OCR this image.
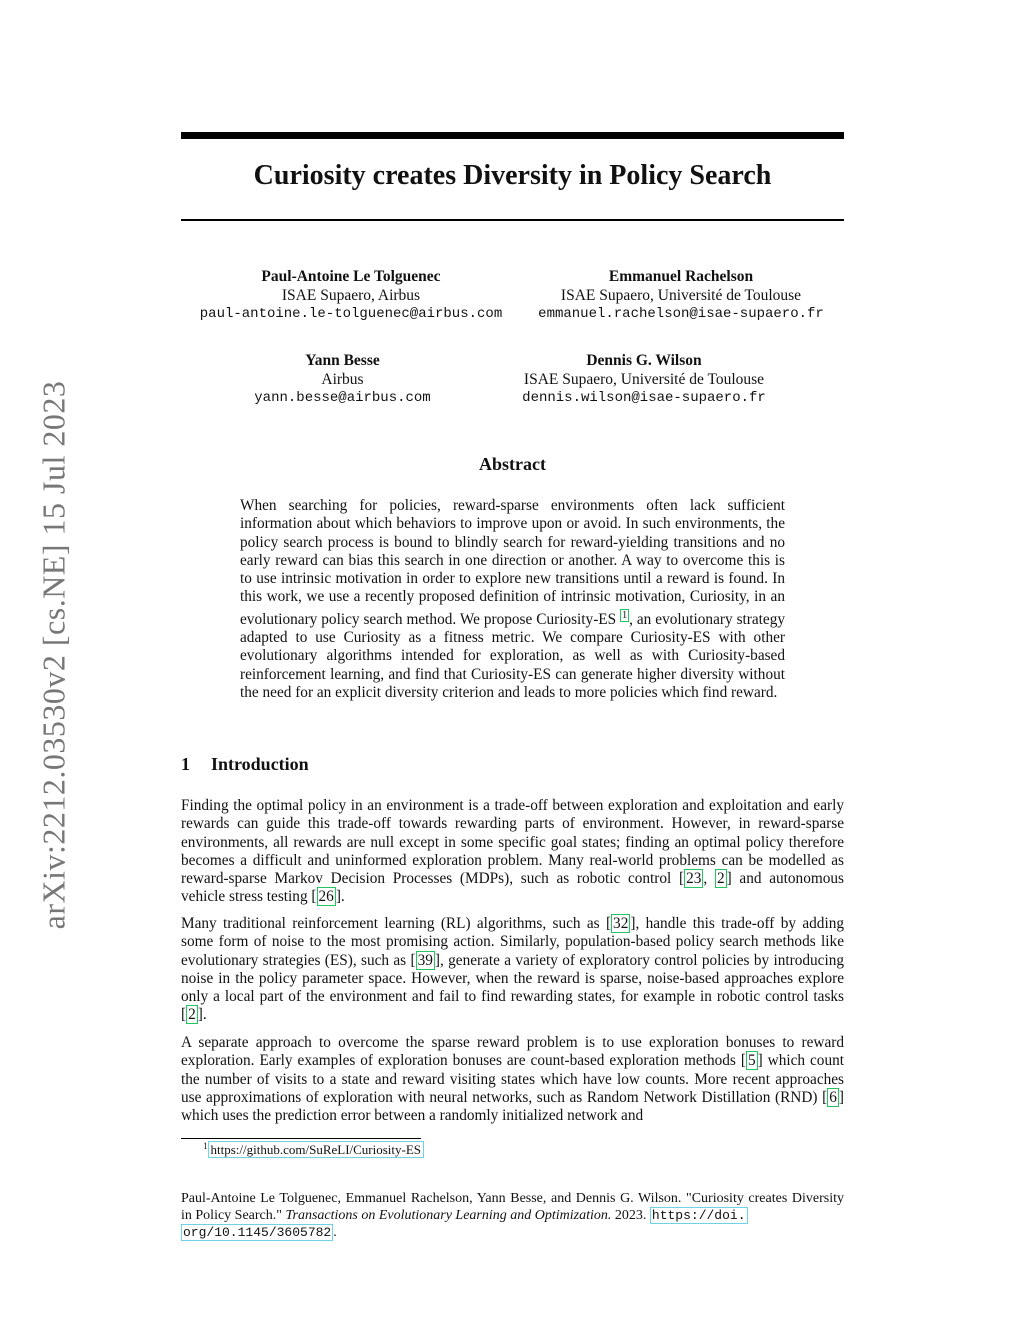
arXiv:2212.03530v2 [cs.NE] 15 Jul 2023
Curiosity creates Diversity in Policy Search
Paul-Antoine Le Tolguenec
ISAE Supaero, Airbus
paul-antoine.le-tolguenec@airbus.com
Emmanuel Rachelson
ISAE Supaero, Université de Toulouse
emmanuel.rachelson@isae-supaero.fr
Yann Besse
Airbus
yann.besse@airbus.com
Dennis G. Wilson
ISAE Supaero, Université de Toulouse
dennis.wilson@isae-supaero.fr
Abstract
When searching for policies, reward-sparse environments often lack sufficient information about which behaviors to improve upon or avoid. In such environments, the policy search process is bound to blindly search for reward-yielding transitions and no early reward can bias this search in one direction or another. A way to overcome this is to use intrinsic motivation in order to explore new transitions until a reward is found. In this work, we use a recently proposed definition of intrinsic motivation, Curiosity, in an evolutionary policy search method. We propose Curiosity-ES $^1$ , an evolutionary strategy adapted to use Curiosity as a fitness metric. We compare Curiosity-ES with other evolutionary algorithms intended for exploration, as well as with Curiosity-based reinforcement learning, and find that Curiosity-ES can generate higher diversity without the need for an explicit diversity criterion and leads to more policies which find reward.
1 Introduction
Finding the optimal policy in an environment is a trade-off between exploration and exploitation and early rewards can guide this trade-off towards rewarding parts of environment. However, in reward-sparse environments, all rewards are null except in some specific goal states; finding an optimal policy therefore becomes a difficult and uninformed exploration problem. Many real-world problems can be modelled as reward-sparse Markov Decision Processes (MDPs), such as robotic control [ 23 , 2 ] and autonomous vehicle stress testing [ 26 ].
Many traditional reinforcement learning (RL) algorithms, such as [ 32 ], handle this trade-off by adding some form of noise to the most promising action. Similarly, population-based policy search methods like evolutionary strategies (ES), such as [ 39 ], generate a variety of exploratory control policies by introducing noise in the policy parameter space. However, when the reward is sparse, noise-based approaches explore only a local part of the environment and fail to find rewarding states, for example in robotic control tasks [ 2 ].
A separate approach to overcome the sparse reward problem is to use exploration bonuses to reward exploration. Early examples of exploration bonuses are count-based exploration methods [ 5 ] which count the number of visits to a state and reward visiting states which have low counts. More recent approaches use approximations of exploration with neural networks, such as Random Network Distillation (RND) [ 6 ] which uses the prediction error between a randomly initialized network and
$^1$ https://github.com/SuReLI/Curiosity-ES
Paul-Antoine Le Tolguenec, Emmanuel Rachelson, Yann Besse, and Dennis G. Wilson. "Curiosity creates Diversity in Policy Search." Transactions on Evolutionary Learning and Optimization. 2023. https://doi.
org/10.1145/3605782 .
